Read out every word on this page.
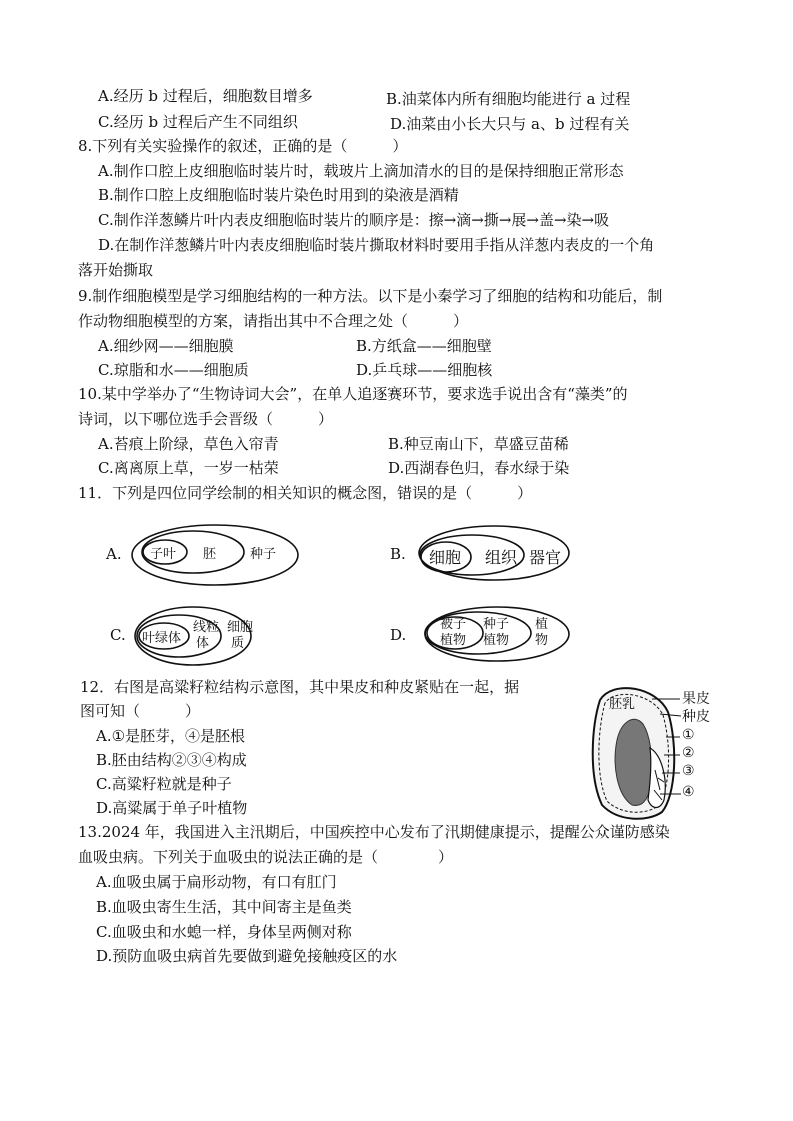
A.经历 b 过程后，细胞数目增多	B.油菜体内所有细胞均能进行 a 过程
C.经历 b 过程后产生不同组织	D.油菜由小长大只与 a、b 过程有关
8.下列有关实验操作的叙述，正确的是（　　　）
A.制作口腔上皮细胞临时装片时，载玻片上滴加清水的目的是保持细胞正常形态
B.制作口腔上皮细胞临时装片染色时用到的染液是酒精
C.制作洋葱鳞片叶内表皮细胞临时装片的顺序是：擦→滴→撕→展→盖→染→吸
D.在制作洋葱鳞片叶内表皮细胞临时装片撕取材料时要用手指从洋葱内表皮的一个角
落开始撕取
9.制作细胞模型是学习细胞结构的一种方法。以下是小秦学习了细胞的结构和功能后，制
作动物细胞模型的方案，请指出其中不合理之处（　　　）
A.细纱网——细胞膜	B.方纸盒——细胞壁
C.琼脂和水——细胞质	D.乒乓球——细胞核
10.某中学举办了“生物诗词大会”，在单人追逐赛环节，要求选手说出含有“藻类”的
诗词，以下哪位选手会晋级（　　　）
A.苔痕上阶绿，草色入帘青	B.种豆南山下，草盛豆苗稀
C.离离原上草，一岁一枯荣	D.西湖春色归，春水绿于染
11．下列是四位同学绘制的相关知识的概念图，错误的是（　　　）
A. 子叶 胚	种子	B. 细胞 组织 器官
C. 叶绿体
线粒
体
细胞
质	D.
被子
植物
种子
植物
植
物
12．右图是高粱籽粒结构示意图，其中果皮和种皮紧贴在一起，据
图可知（　　　）
A.①是胚芽，④是胚根
B.胚由结构②③④构成
C.高粱籽粒就是种子
D.高粱属于单子叶植物
胚乳	果皮
种皮
①
②
③
④
13.2024 年，我国进入主汛期后，中国疾控中心发布了汛期健康提示，提醒公众谨防感染
血吸虫病。下列关于血吸虫的说法正确的是（　　　　）
A.血吸虫属于扁形动物，有口有肛门
B.血吸虫寄生生活，其中间寄主是鱼类
C.血吸虫和水螅一样，身体呈两侧对称
D.预防血吸虫病首先要做到避免接触疫区的水
